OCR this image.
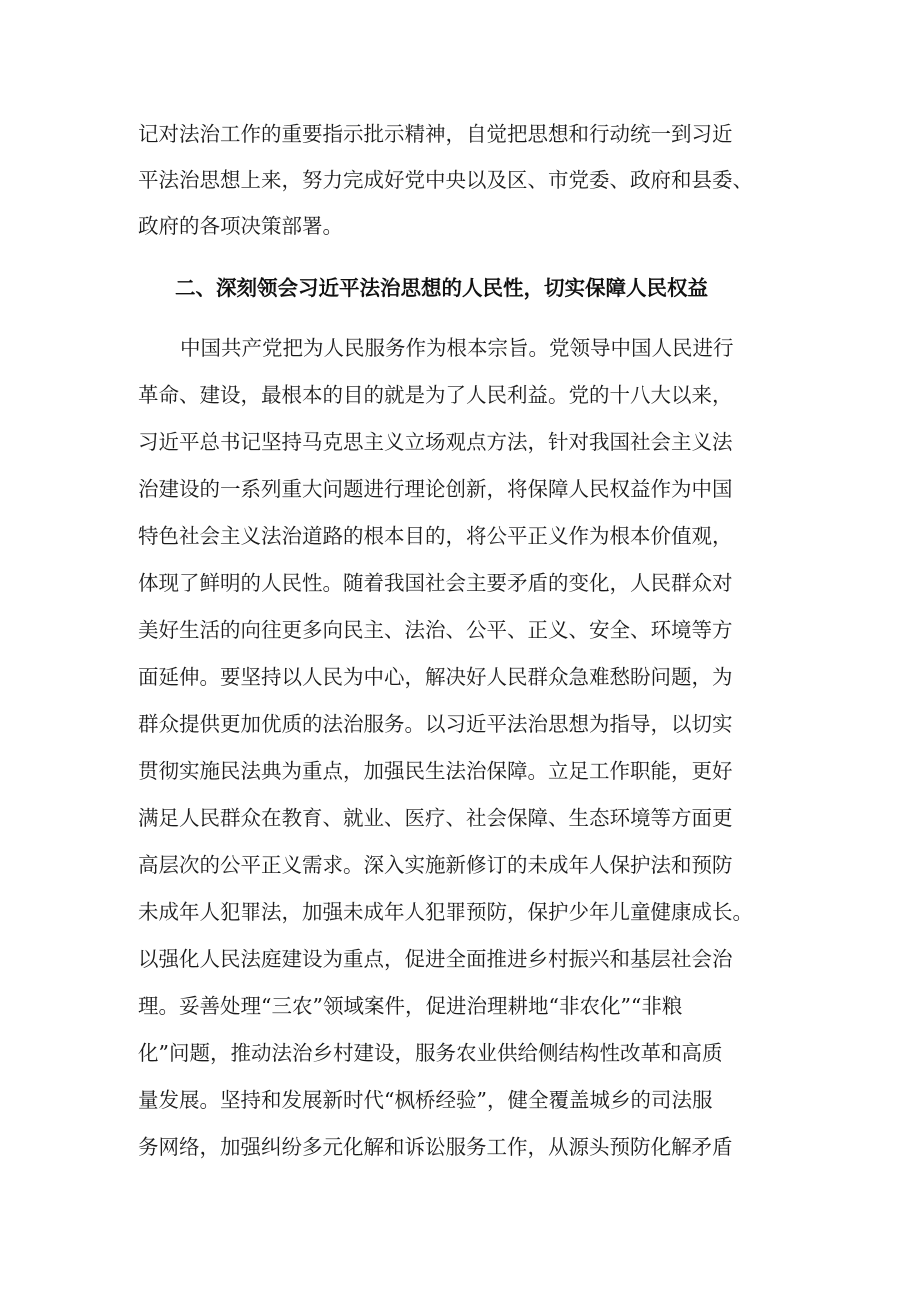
记对法治工作的重要指示批示精神，自觉把思想和行动统一到习近
平法治思想上来，努力完成好党中央以及区、市党委、政府和县委、
政府的各项决策部署。
二、深刻领会习近平法治思想的人民性，切实保障人民权益
中国共产党把为人民服务作为根本宗旨。党领导中国人民进行
革命、建设，最根本的目的就是为了人民利益。党的十八大以来，
习近平总书记坚持马克思主义立场观点方法，针对我国社会主义法
治建设的一系列重大问题进行理论创新，将保障人民权益作为中国
特色社会主义法治道路的根本目的，将公平正义作为根本价值观，
体现了鲜明的人民性。随着我国社会主要矛盾的变化，人民群众对
美好生活的向往更多向民主、法治、公平、正义、安全、环境等方
面延伸。要坚持以人民为中心，解决好人民群众急难愁盼问题，为
群众提供更加优质的法治服务。以习近平法治思想为指导，以切实
贯彻实施民法典为重点，加强民生法治保障。立足工作职能，更好
满足人民群众在教育、就业、医疗、社会保障、生态环境等方面更
高层次的公平正义需求。深入实施新修订的未成年人保护法和预防
未成年人犯罪法，加强未成年人犯罪预防，保护少年儿童健康成长。
以强化人民法庭建设为重点，促进全面推进乡村振兴和基层社会治
理。妥善处理“三农”领域案件，促进治理耕地“非农化”“非粮
化”问题，推动法治乡村建设，服务农业供给侧结构性改革和高质
量发展。坚持和发展新时代“枫桥经验”，健全覆盖城乡的司法服
务网络，加强纠纷多元化解和诉讼服务工作，从源头预防化解矛盾
